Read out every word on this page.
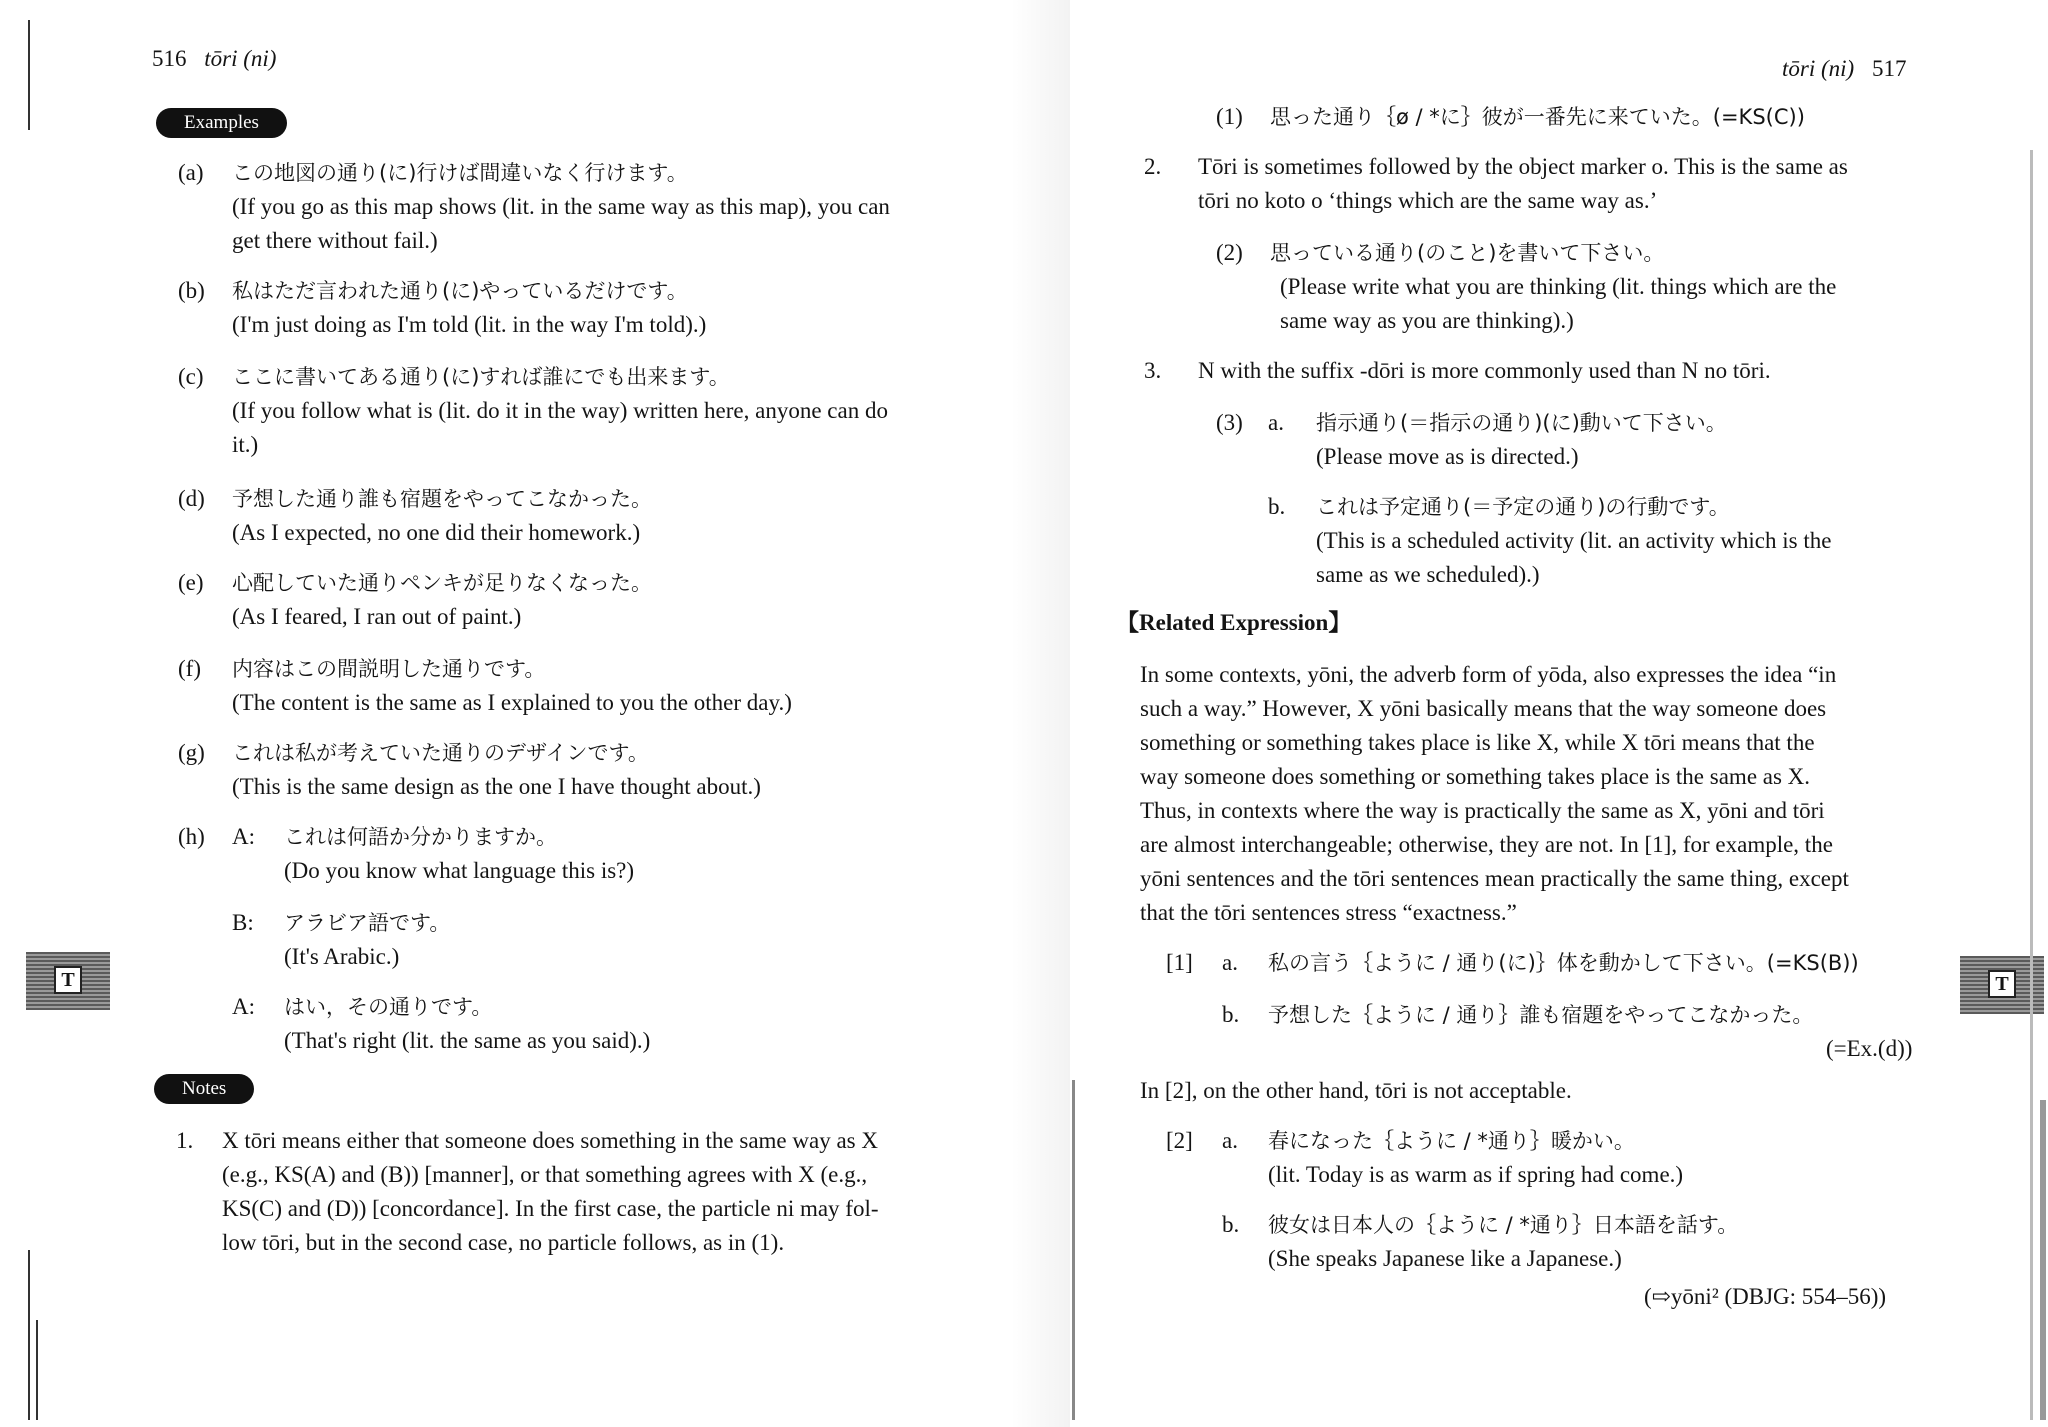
516 tōri (ni)
Examples
(a) この地図の通り(に)行けば間違いなく行けます。
(If you go as this map shows (lit. in the same way as this map), you can
get there without fail.)
(b) 私はただ言われた通り(に)やっているだけです。
(I'm just doing as I'm told (lit. in the way I'm told).)
(c) ここに書いてある通り(に)すれば誰にでも出来ます。
(If you follow what is (lit. do it in the way) written here, anyone can do
it.)
(d) 予想した通り誰も宿題をやってこなかった。
(As I expected, no one did their homework.)
(e) 心配していた通りペンキが足りなくなった。
(As I feared, I ran out of paint.)
(f) 内容はこの間説明した通りです。
(The content is the same as I explained to you the other day.)
(g) これは私が考えていた通りのデザインです。
(This is the same design as the one I have thought about.)
(h) A: これは何語か分かりますか。
(Do you know what language this is?)
B: アラビア語です。
(It's Arabic.)
A: はい，その通りです。
(That's right (lit. the same as you said).)
Notes
1. X tōri means either that someone does something in the same way as X
(e.g., KS(A) and (B)) [manner], or that something agrees with X (e.g.,
KS(C) and (D)) [concordance]. In the first case, the particle ni may fol-
low tōri, but in the second case, no particle follows, as in (1).
T
tōri (ni) 517
(1) 思った通り｛ø / *に｝彼が一番先に来ていた。(=KS(C))
2. Tōri is sometimes followed by the object marker o. This is the same as
tōri no koto o ‘things which are the same way as.’
(2) 思っている通り(のこと)を書いて下さい。
(Please write what you are thinking (lit. things which are the
same way as you are thinking).)
3. N with the suffix -dōri is more commonly used than N no tōri.
(3) a. 指示通り(＝指示の通り)(に)動いて下さい。
(Please move as is directed.)
b. これは予定通り(＝予定の通り)の行動です。
(This is a scheduled activity (lit. an activity which is the
same as we scheduled).)
【Related Expression】
In some contexts, yōni, the adverb form of yōda, also expresses the idea “in
such a way.” However, X yōni basically means that the way someone does
something or something takes place is like X, while X tōri means that the
way someone does something or something takes place is the same as X.
Thus, in contexts where the way is practically the same as X, yōni and tōri
are almost interchangeable; otherwise, they are not. In [1], for example, the
yōni sentences and the tōri sentences mean practically the same thing, except
that the tōri sentences stress “exactness.”
[1] a. 私の言う｛ように / 通り(に)｝体を動かして下さい。(=KS(B))
b. 予想した｛ように / 通り｝誰も宿題をやってこなかった。
(=Ex.(d))
In [2], on the other hand, tōri is not acceptable.
[2] a. 春になった｛ように / *通り｝暖かい。
(lit. Today is as warm as if spring had come.)
b. 彼女は日本人の｛ように / *通り｝日本語を話す。
(She speaks Japanese like a Japanese.)
(⇨yōni² (DBJG: 554–56))
T
